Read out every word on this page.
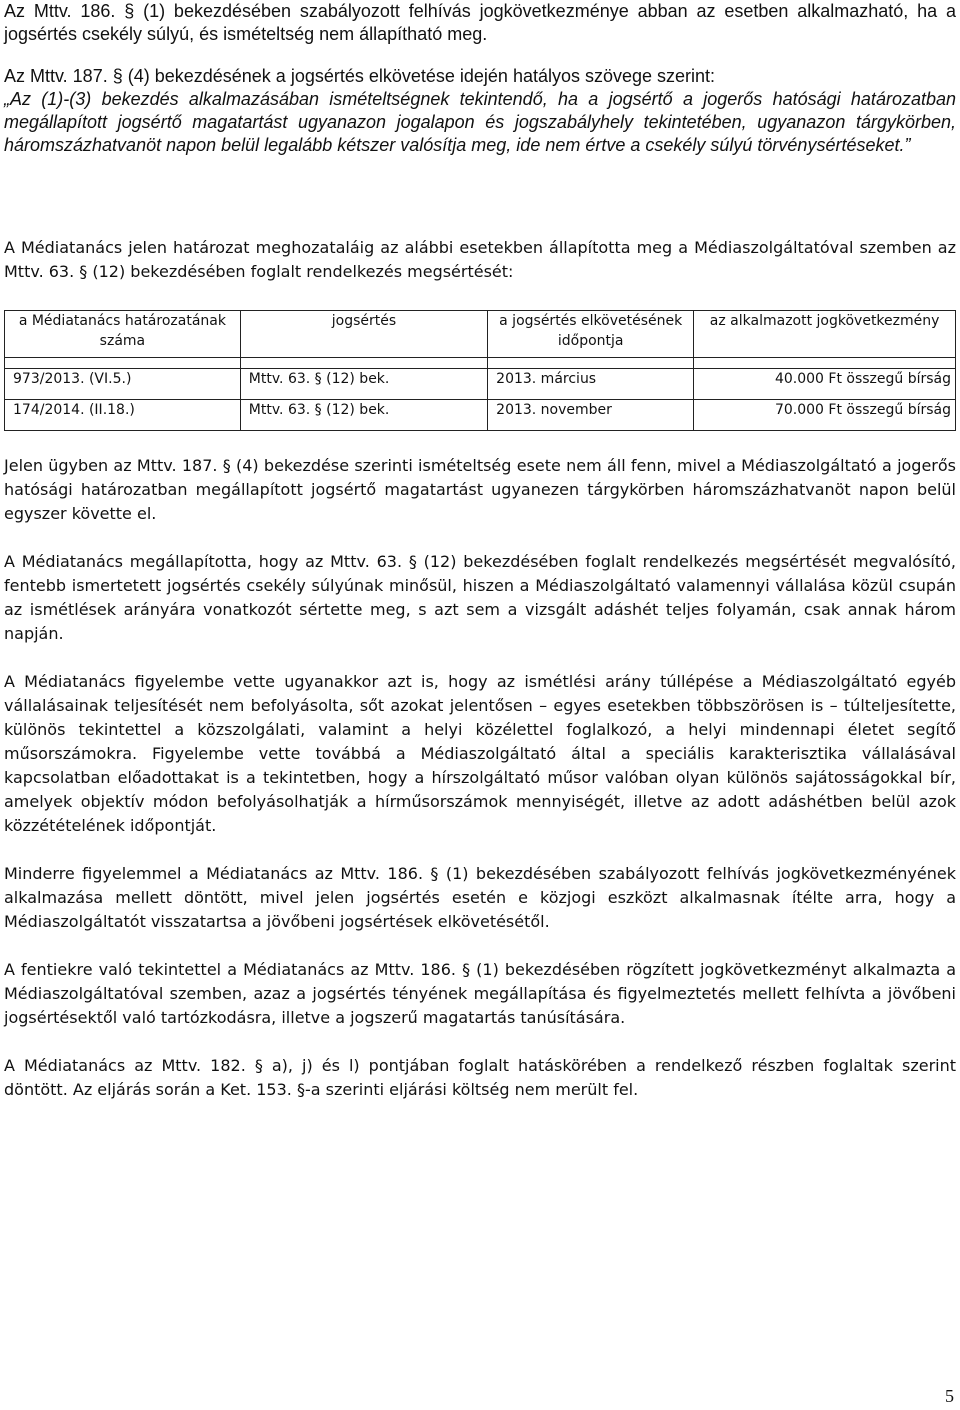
Az Mttv. 186. § (1) bekezdésében szabályozott felhívás jogkövetkezménye abban az esetben alkalmazható, ha a jogsértés csekély súlyú, és ismételtség nem állapítható meg.

Az Mttv. 187. § (4) bekezdésének a jogsértés elkövetése idején hatályos szövege szerint:

„Az (1)-(3) bekezdés alkalmazásában ismételtségnek tekintendő, ha a jogsértő a jogerős hatósági határozatban megállapított jogsértő magatartást ugyanazon jogalapon és jogszabályhely tekintetében, ugyanazon tárgykörben, háromszázhatvanöt napon belül legalább kétszer valósítja meg, ide nem értve a csekély súlyú törvénysértéseket.”

A Médiatanács jelen határozat meghozataláig az alábbi esetekben állapította meg a Médiaszolgáltatóval szemben az Mttv. 63. § (12) bekezdésében foglalt rendelkezés megsértését:

a Médiatanács határozatának száma	jogsértés	a jogsértés elkövetésének időpontja	az alkalmazott jogkövetkezmény

973/2013. (VI.5.)	Mttv. 63. § (12) bek.	2013. március	40.000 Ft összegű bírság
174/2014. (II.18.)	Mttv. 63. § (12) bek.	2013. november	70.000 Ft összegű bírság

Jelen ügyben az Mttv. 187. § (4) bekezdése szerinti ismételtség esete nem áll fenn, mivel a Médiaszolgáltató a jogerős hatósági határozatban megállapított jogsértő magatartást ugyanezen tárgykörben háromszázhatvanöt napon belül egyszer követte el.

A Médiatanács megállapította, hogy az Mttv. 63. § (12) bekezdésében foglalt rendelkezés megsértését megvalósító, fentebb ismertetett jogsértés csekély súlyúnak minősül, hiszen a Médiaszolgáltató valamennyi vállalása közül csupán az ismétlések arányára vonatkozót sértette meg, s azt sem a vizsgált adáshét teljes folyamán, csak annak három napján.

A Médiatanács figyelembe vette ugyanakkor azt is, hogy az ismétlési arány túllépése a Médiaszolgáltató egyéb vállalásainak teljesítését nem befolyásolta, sőt azokat jelentősen – egyes esetekben többszörösen is – túlteljesítette, különös tekintettel a közszolgálati, valamint a helyi közélettel foglalkozó, a helyi mindennapi életet segítő műsorszámokra. Figyelembe vette továbbá a Médiaszolgáltató által a speciális karakterisztika vállalásával kapcsolatban előadottakat is a tekintetben, hogy a hírszolgáltató műsor valóban olyan különös sajátosságokkal bír, amelyek objektív módon befolyásolhatják a hírműsorszámok mennyiségét, illetve az adott adáshétben belül azok közzétételének időpontját.

Minderre figyelemmel a Médiatanács az Mttv. 186. § (1) bekezdésében szabályozott felhívás jogkövetkezményének alkalmazása mellett döntött, mivel jelen jogsértés esetén e közjogi eszközt alkalmasnak ítélte arra, hogy a Médiaszolgáltatót visszatartsa a jövőbeni jogsértések elkövetésétől.

A fentiekre való tekintettel a Médiatanács az Mttv. 186. § (1) bekezdésében rögzített jogkövetkezményt alkalmazta a Médiaszolgáltatóval szemben, azaz a jogsértés tényének megállapítása és figyelmeztetés mellett felhívta a jövőbeni jogsértésektől való tartózkodásra, illetve a jogszerű magatartás tanúsítására.

A Médiatanács az Mttv. 182. § a), j) és l) pontjában foglalt hatáskörében a rendelkező részben foglaltak szerint döntött. Az eljárás során a Ket. 153. §-a szerinti eljárási költség nem merült fel.

5
